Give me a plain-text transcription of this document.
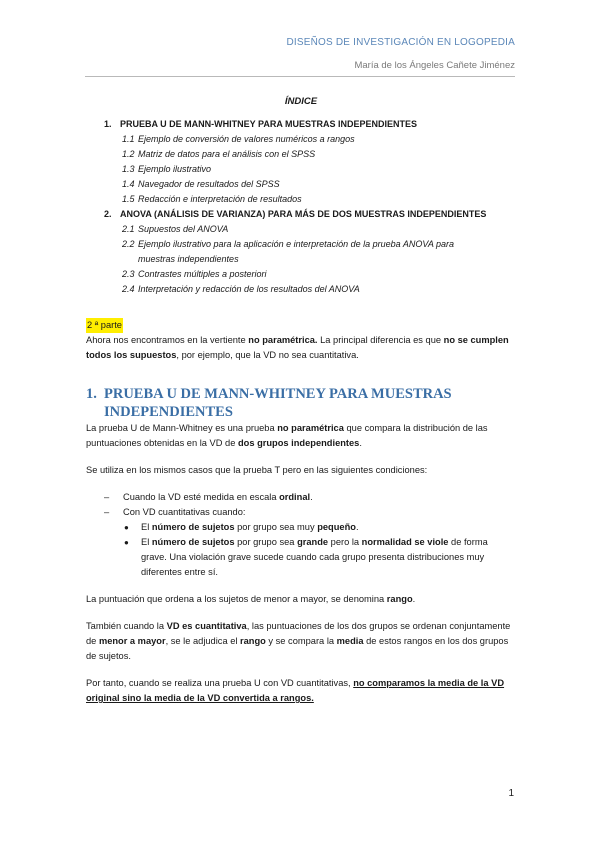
DISEÑOS DE INVESTIGACIÓN EN LOGOPEDIA
María de los Ángeles Cañete Jiménez
ÍNDICE
1. PRUEBA U DE MANN-WHITNEY PARA MUESTRAS INDEPENDIENTES
1.1 Ejemplo de conversión de valores numéricos a rangos
1.2 Matriz de datos para el análisis con el SPSS
1.3 Ejemplo ilustrativo
1.4 Navegador de resultados del SPSS
1.5 Redacción e interpretación de resultados
2. ANOVA (ANÁLISIS DE VARIANZA) PARA MÁS DE DOS MUESTRAS INDEPENDIENTES
2.1 Supuestos del ANOVA
2.2 Ejemplo ilustrativo para la aplicación e interpretación de la prueba ANOVA para
muestras independientes
2.3 Contrastes múltiples a posteriori
2.4 Interpretación y redacción de los resultados del ANOVA
2 ª parte

Ahora nos encontramos en la vertiente no paramétrica. La principal diferencia es que no se cumplen todos los supuestos, por ejemplo, que la VD no sea cuantitativa.

1. PRUEBA U DE MANN-WHITNEY PARA MUESTRAS
INDEPENDIENTES

La prueba U de Mann-Whitney es una prueba no paramétrica que compara la distribución de las puntuaciones obtenidas en la VD de dos grupos independientes.

Se utiliza en los mismos casos que la prueba T pero en las siguientes condiciones:

– Cuando la VD esté medida en escala ordinal.
– Con VD cuantitativas cuando:
● El número de sujetos por grupo sea muy pequeño.
● El número de sujetos por grupo sea grande pero la normalidad se viole de forma grave. Una violación grave sucede cuando cada grupo presenta distribuciones muy diferentes entre sí.

La puntuación que ordena a los sujetos de menor a mayor, se denomina rango.

También cuando la VD es cuantitativa, las puntuaciones de los dos grupos se ordenan conjuntamente de menor a mayor, se le adjudica el rango y se compara la media de estos rangos en los dos grupos de sujetos.

Por tanto, cuando se realiza una prueba U con VD cuantitativas, no comparamos la media de la VD original sino la media de la VD convertida a rangos.

1
